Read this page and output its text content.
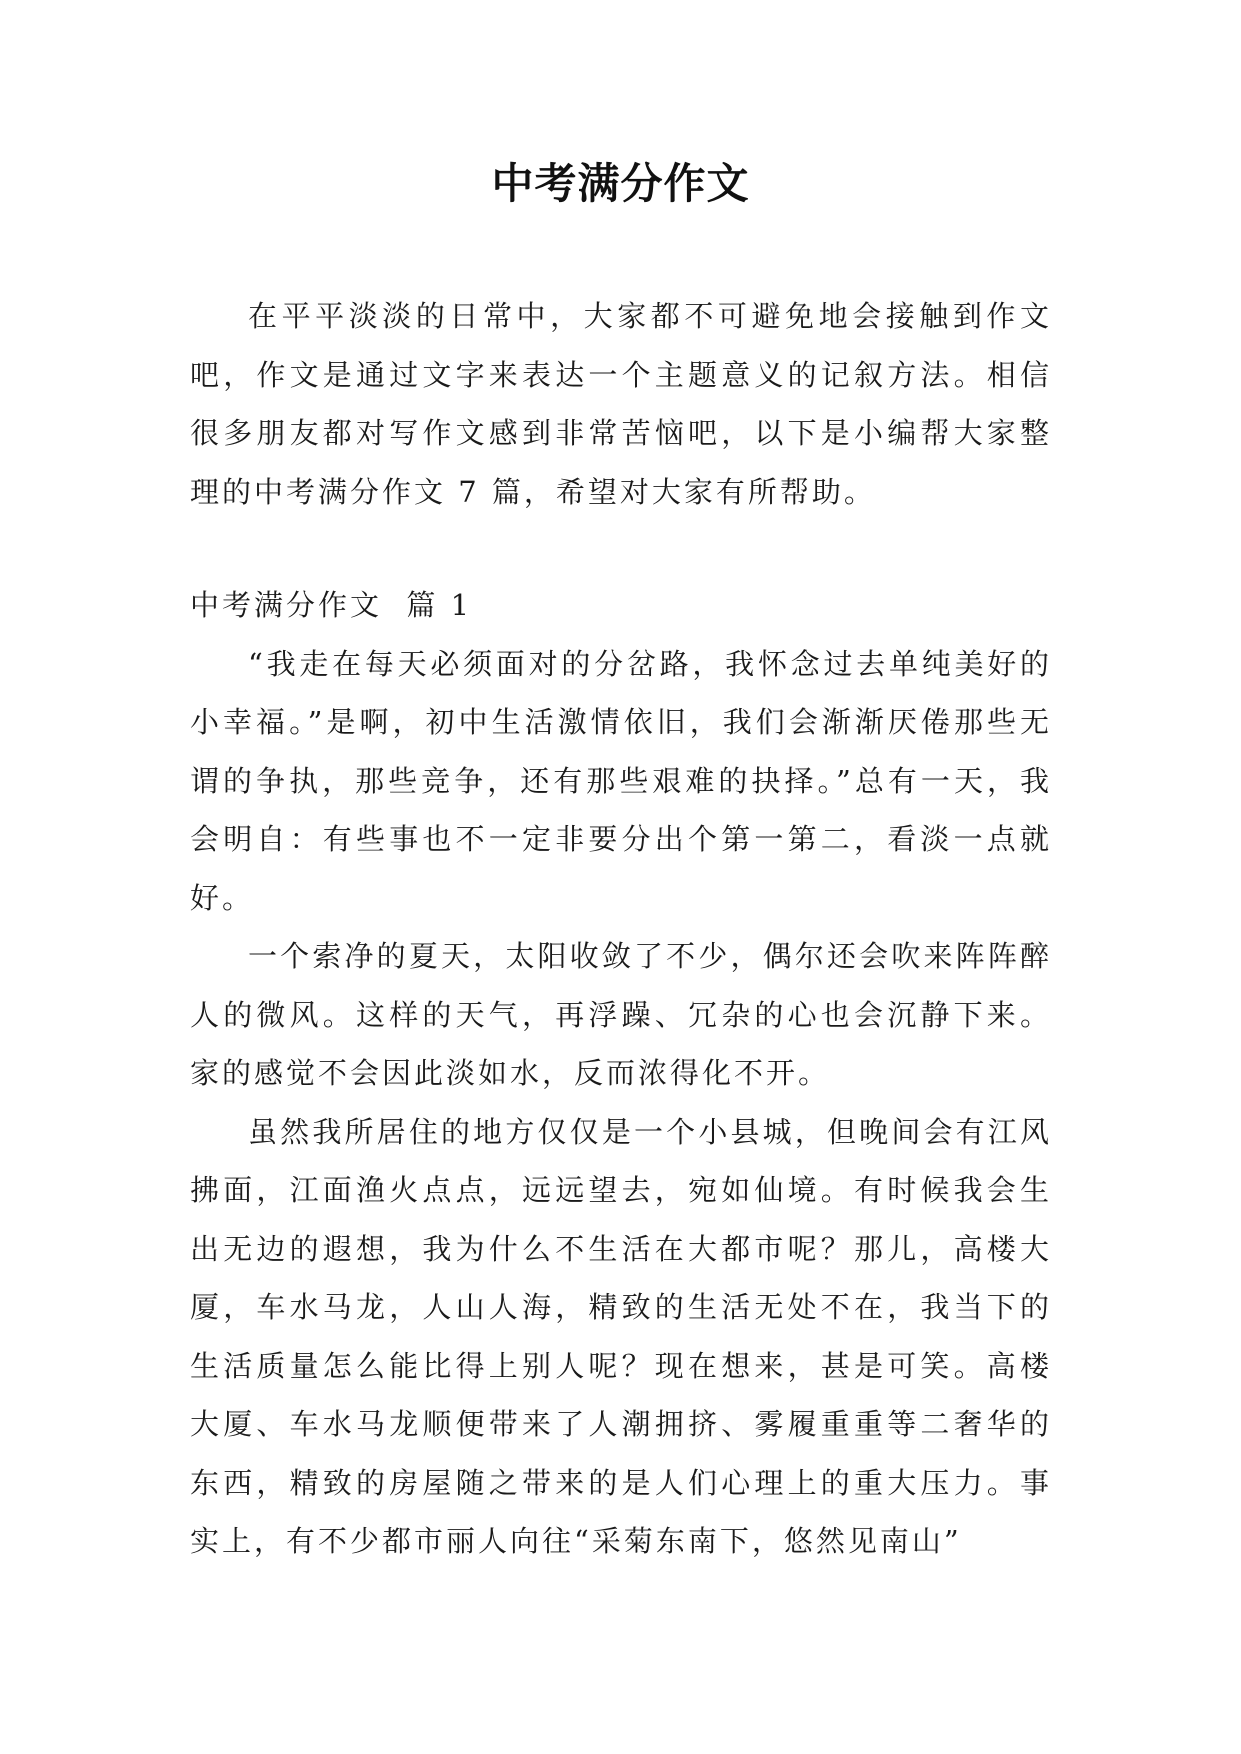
中考满分作文

在平平淡淡的日常中，大家都不可避免地会接触到作文吧，作文是通过文字来表达一个主题意义的记叙方法。相信很多朋友都对写作文感到非常苦恼吧，以下是小编帮大家整理的中考满分作文 7 篇，希望对大家有所帮助。

中考满分作文  篇 1

“我走在每天必须面对的分岔路，我怀念过去单纯美好的小幸福。”是啊，初中生活激情依旧，我们会渐渐厌倦那些无谓的争执，那些竞争，还有那些艰难的抉择。”总有一天，我会明自：有些事也不一定非要分出个第一第二，看淡一点就好。

一个索净的夏天，太阳收敛了不少，偶尔还会吹来阵阵醉人的微风。这样的天气，再浮躁、冗杂的心也会沉静下来。家的感觉不会因此淡如水，反而浓得化不开。

虽然我所居住的地方仅仅是一个小县城，但晚间会有江风拂面，江面渔火点点，远远望去，宛如仙境。有时候我会生出无边的遐想，我为什么不生活在大都市呢？那儿，高楼大厦，车水马龙，人山人海，精致的生活无处不在，我当下的生活质量怎么能比得上别人呢？现在想来，甚是可笑。高楼大厦、车水马龙顺便带来了人潮拥挤、雾履重重等二奢华的东西，精致的房屋随之带来的是人们心理上的重大压力。事实上，有不少都市丽人向往“采菊东南下，悠然见南山”
